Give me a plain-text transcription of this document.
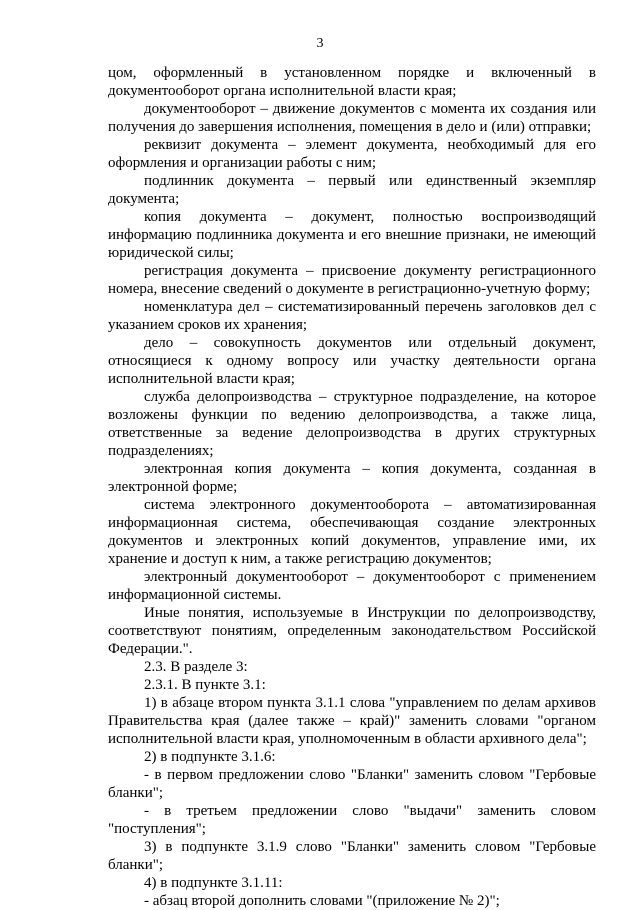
3

цом, оформленный в установленном порядке и включенный в документооборот органа исполнительной власти края;

документооборот – движение документов с момента их создания или получения до завершения исполнения, помещения в дело и (или) отправки;

реквизит документа – элемент документа, необходимый для его оформления и организации работы с ним;

подлинник документа – первый или единственный экземпляр документа;

копия документа – документ, полностью воспроизводящий информацию подлинника документа и его внешние признаки, не имеющий юридической силы;

регистрация документа – присвоение документу регистрационного номера, внесение сведений о документе в регистрационно-учетную форму;

номенклатура дел – систематизированный перечень заголовков дел с указанием сроков их хранения;

дело – совокупность документов или отдельный документ, относящиеся к одному вопросу или участку деятельности органа исполнительной власти края;

служба делопроизводства – структурное подразделение, на которое возложены функции по ведению делопроизводства, а также лица, ответственные за ведение делопроизводства в других структурных подразделениях;

электронная копия документа – копия документа, созданная в электронной форме;

система электронного документооборота – автоматизированная информационная система, обеспечивающая создание электронных документов и электронных копий документов, управление ими, их хранение и доступ к ним, а также регистрацию документов;

электронный документооборот – документооборот с применением информационной системы.

Иные понятия, используемые в Инструкции по делопроизводству, соответствуют понятиям, определенным законодательством Российской Федерации.".

2.3. В разделе 3:

2.3.1. В пункте 3.1:

1) в абзаце втором пункта 3.1.1 слова "управлением по делам архивов Правительства края (далее также – край)" заменить словами "органом исполнительной власти края, уполномоченным в области архивного дела";

2) в подпункте 3.1.6:

- в первом предложении слово "Бланки" заменить словом "Гербовые бланки";

- в третьем предложении слово "выдачи" заменить словом "поступления";

3) в подпункте 3.1.9 слово "Бланки" заменить словом "Гербовые бланки";

4) в подпункте 3.1.11:

- абзац второй дополнить словами "(приложение № 2)";
